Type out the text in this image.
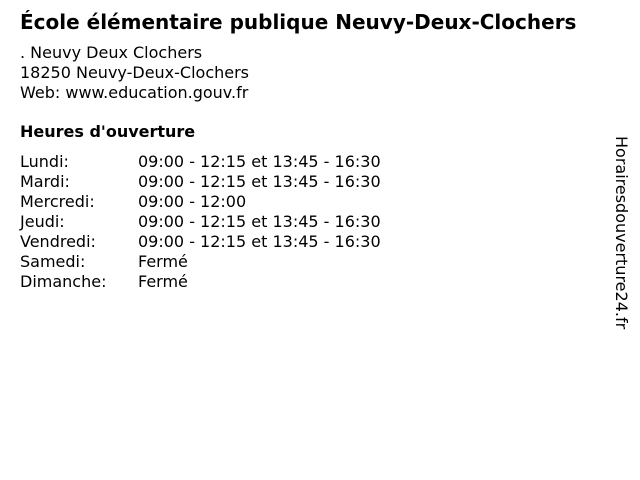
École élémentaire publique Neuvy-Deux-Clochers
. Neuvy Deux Clochers
18250 Neuvy-Deux-Clochers
Web: www.education.gouv.fr
Heures d'ouverture
Lundi:	09:00 - 12:15 et 13:45 - 16:30
Mardi:	09:00 - 12:15 et 13:45 - 16:30
Mercredi:	09:00 - 12:00
Jeudi:	09:00 - 12:15 et 13:45 - 16:30
Vendredi:	09:00 - 12:15 et 13:45 - 16:30
Samedi:	Fermé
Dimanche:	Fermé	Horairesdouverture24.fr
